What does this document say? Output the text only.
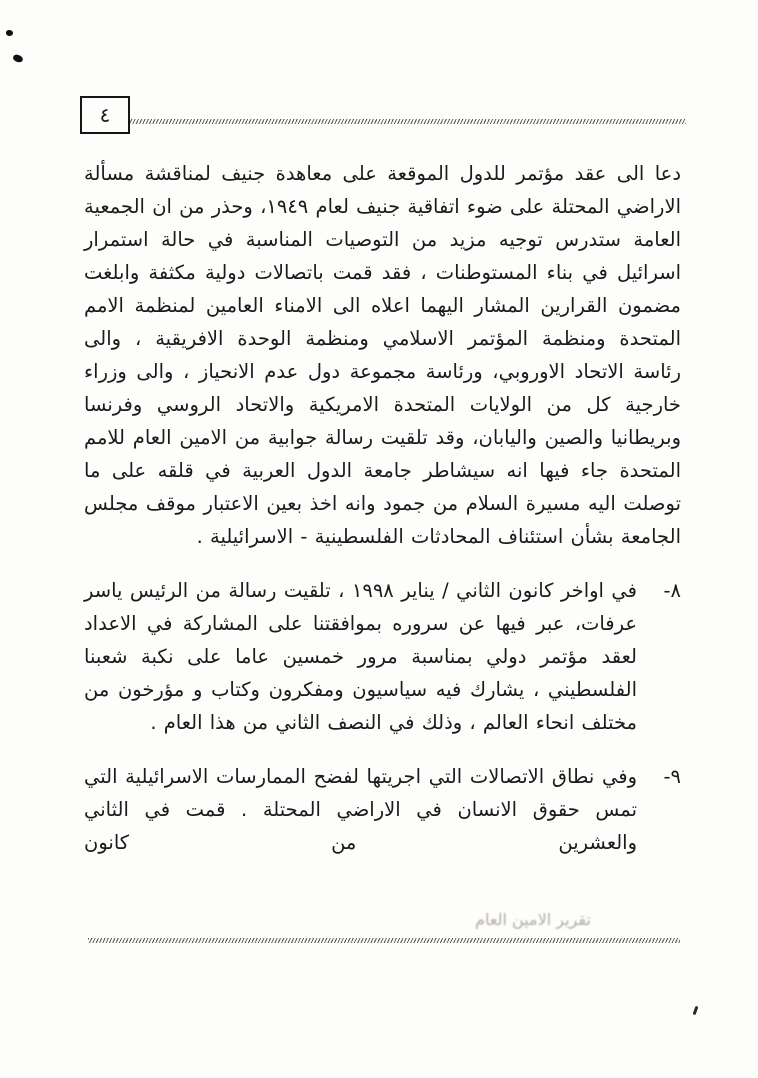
٤

دعا الى عقد مؤتمر للدول الموقعة على معاهدة جنيف لمناقشة مسألة الاراضي المحتلة على ضوء اتفاقية جنيف لعام ١٩٤٩، وحذر من ان الجمعية العامة ستدرس توجيه مزيد من التوصيات المناسبة في حالة استمرار اسرائيل في بناء المستوطنات ، فقد قمت باتصالات دولية مكثفة وابلغت مضمون القرارين المشار اليهما اعلاه الى الامناء العامين لمنظمة الامم المتحدة ومنظمة المؤتمر الاسلامي ومنظمة الوحدة الافريقية ، والى رئاسة الاتحاد الاوروبي، ورئاسة مجموعة دول عدم الانحياز ، والى وزراء خارجية كل من الولايات المتحدة الامريكية والاتحاد الروسي وفرنسا وبريطانيا والصين واليابان، وقد تلقيت رسالة جوابية من الامين العام للامم المتحدة جاء فيها انه سيشاطر جامعة الدول العربية في قلقه على ما توصلت اليه مسيرة السلام من جمود وانه اخذ بعين الاعتبار موقف مجلس الجامعة بشأن استئناف المحادثات الفلسطينية - الاسرائيلية .

٨-

في اواخر كانون الثاني / يناير ١٩٩٨ ، تلقيت رسالة من الرئيس ياسر عرفات، عبر فيها عن سروره بموافقتنا على المشاركة في الاعداد لعقد مؤتمر دولي بمناسبة مرور خمسين عاما على نكبة شعبنا الفلسطيني ، يشارك فيه سياسيون ومفكرون وكتاب و مؤرخون من مختلف انحاء العالم ، وذلك في النصف الثاني من هذا العام .

٩-

وفي نطاق الاتصالات التي اجريتها لفضح الممارسات الاسرائيلية التي تمس حقوق الانسان في الاراضي المحتلة . قمت في الثاني والعشرين من كانون

تقرير الامين العام
